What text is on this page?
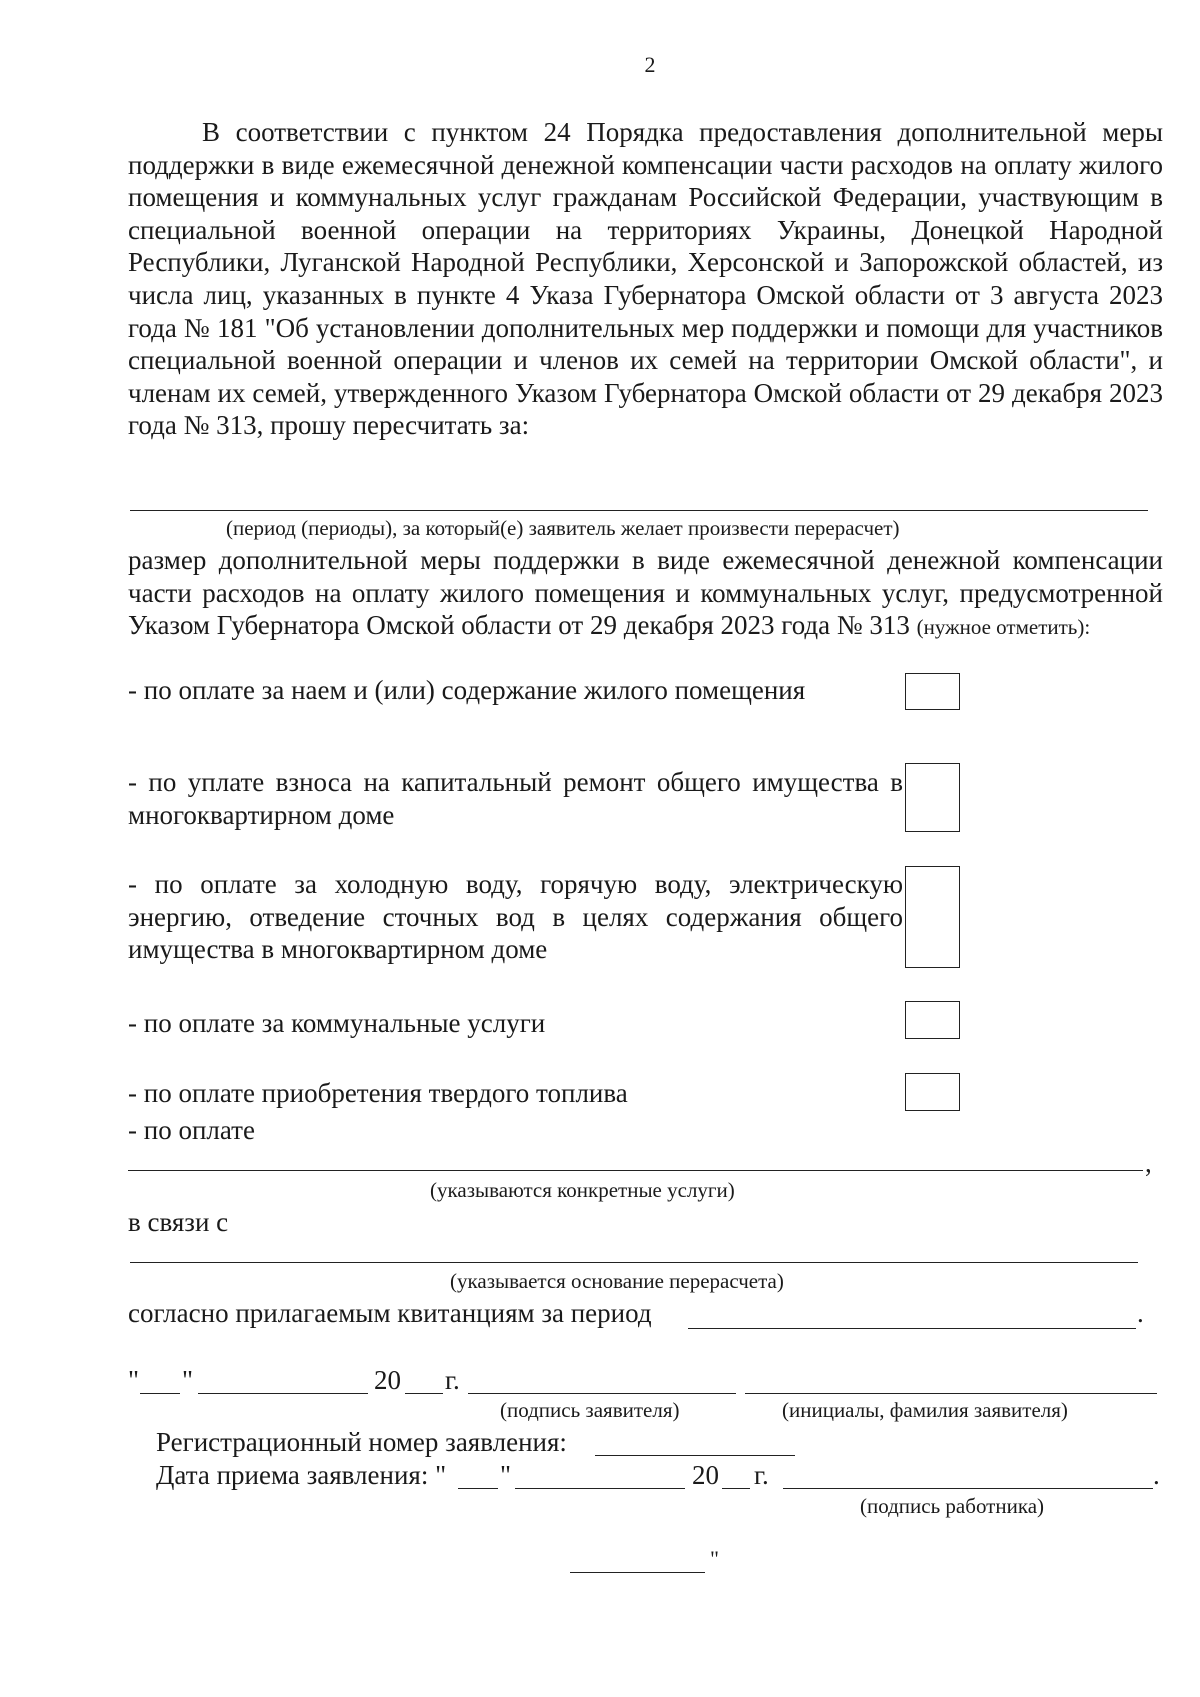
2
В соответствии с пунктом 24 Порядка предоставления дополнительной меры поддержки в виде ежемесячной денежной компенсации части расходов на оплату жилого помещения и коммунальных услуг гражданам Российской Федерации, участвующим в специальной военной операции на территориях Украины, Донецкой Народной Республики, Луганской Народной Республики, Херсонской и Запорожской областей, из числа лиц, указанных в пункте 4 Указа Губернатора Омской области от 3 августа 2023 года № 181 "Об установлении дополнительных мер поддержки и помощи для участников специальной военной операции и членов их семей на территории Омской области", и членам их семей, утвержденного Указом Губернатора Омской области от 29 декабря 2023 года № 313, прошу пересчитать за:
(период (периоды), за который(е) заявитель желает произвести перерасчет)
размер дополнительной меры поддержки в виде ежемесячной денежной компенсации части расходов на оплату жилого помещения и коммунальных услуг, предусмотренной Указом Губернатора Омской области от 29 декабря 2023 года № 313 (нужное отметить):
- по оплате за наем и (или) содержание жилого помещения
- по уплате взноса на капитальный ремонт общего имущества в многоквартирном доме
- по оплате за холодную воду, горячую воду, электрическую энергию, отведение сточных вод в целях содержания общего имущества в многоквартирном доме
- по оплате за коммунальные услуги
- по оплате приобретения твердого топлива
- по оплате
,
(указываются конкретные услуги)
в связи с
(указывается основание перерасчета)
согласно прилагаемым квитанциям за период	.
" "	20 г.
(подпись заявителя)	(инициалы, фамилия заявителя)
Регистрационный номер заявления:
Дата приема заявления: " "	20 г.	.
(подпись работника)
"
